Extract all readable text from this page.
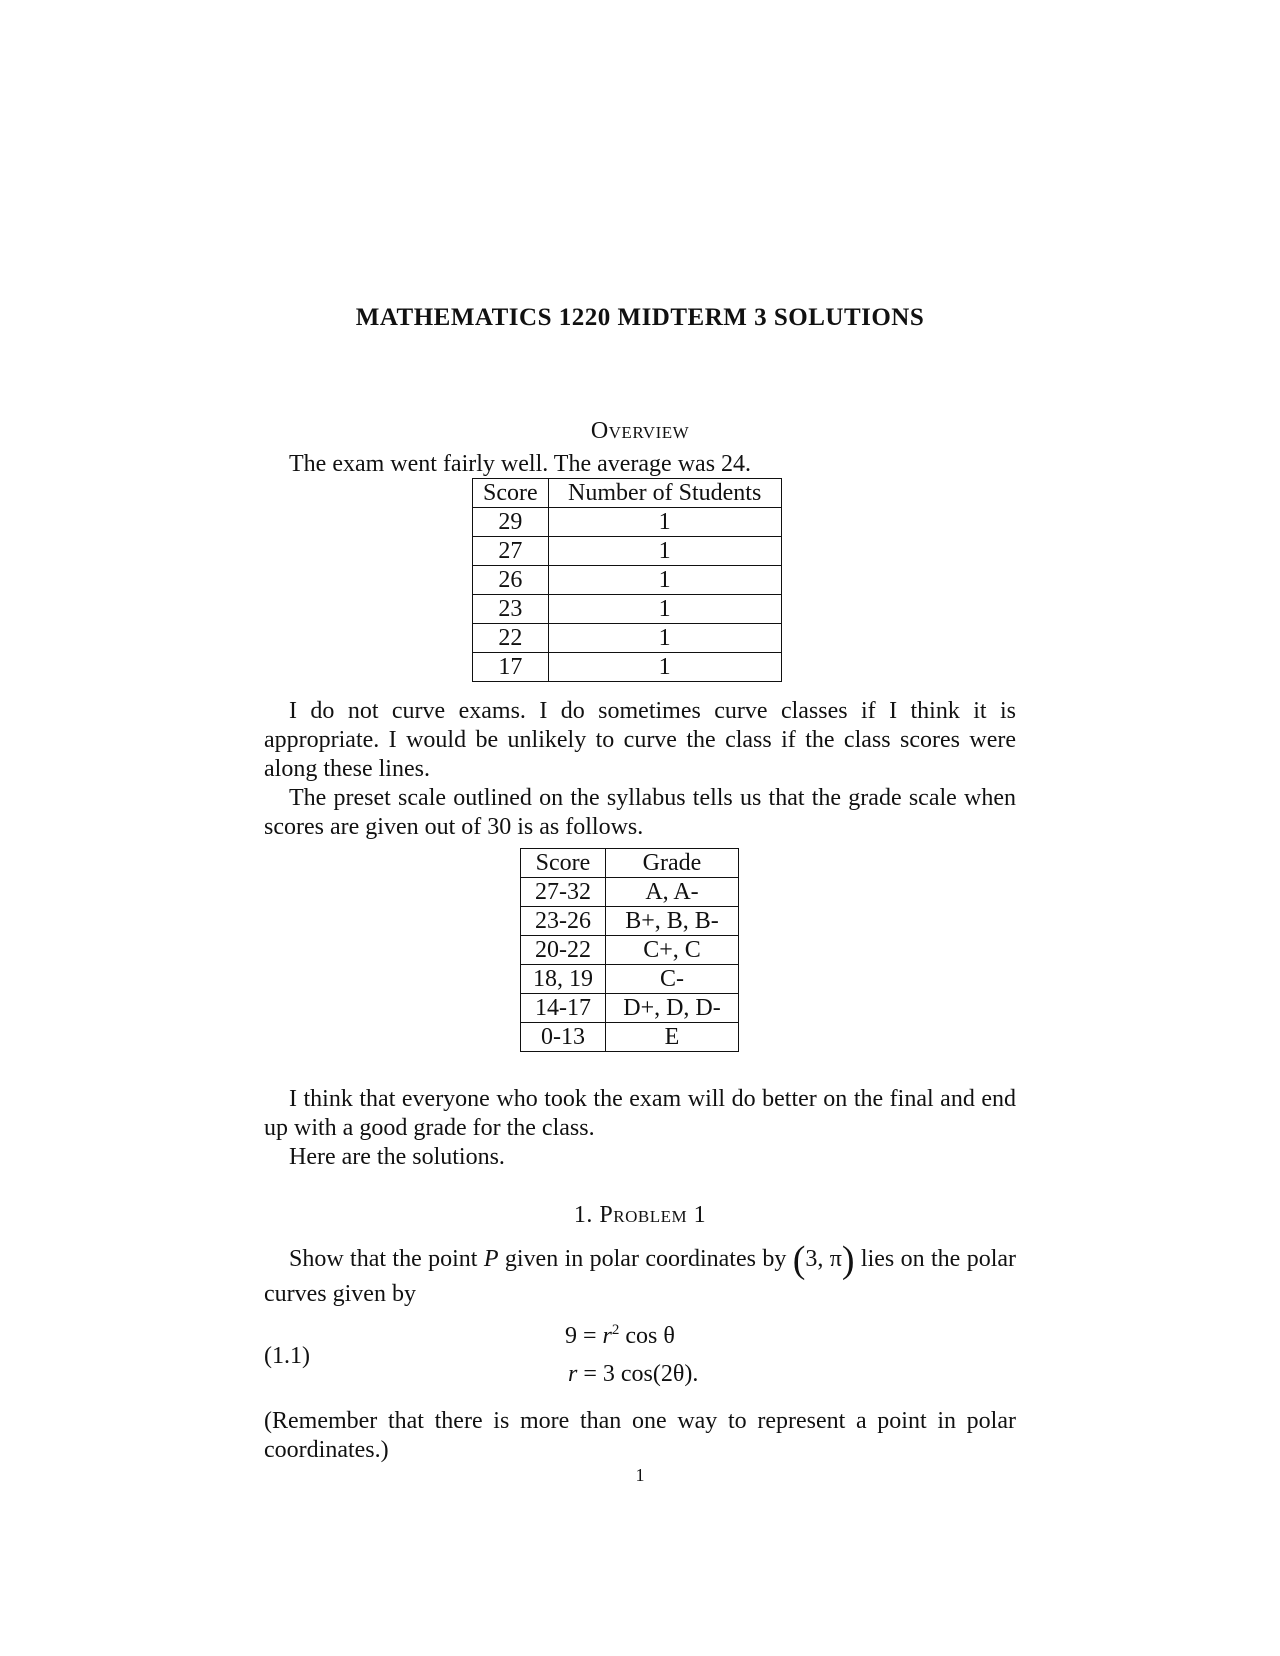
MATHEMATICS 1220 MIDTERM 3 SOLUTIONS
Overview
The exam went fairly well. The average was 24.
Score	Number of Students
29	1
27	1
26	1
23	1
22	1
17	1
I do not curve exams. I do sometimes curve classes if I think it is appropriate. I would be unlikely to curve the class if the class scores were along these lines.
The preset scale outlined on the syllabus tells us that the grade scale when scores are given out of 30 is as follows.
Score	Grade
27-32	A, A-
23-26	B+, B, B-
20-22	C+, C
18, 19	C-
14-17	D+, D, D-
0-13	E
I think that everyone who took the exam will do better on the final and end up with a good grade for the class.
Here are the solutions.
1. Problem 1
Show that the point P given in polar coordinates by (3, π) lies on the polar curves given by
(1.1)
$9 = r^2$ cos θ
r = 3 cos(2θ).
(Remember that there is more than one way to represent a point in polar coordinates.)
1
